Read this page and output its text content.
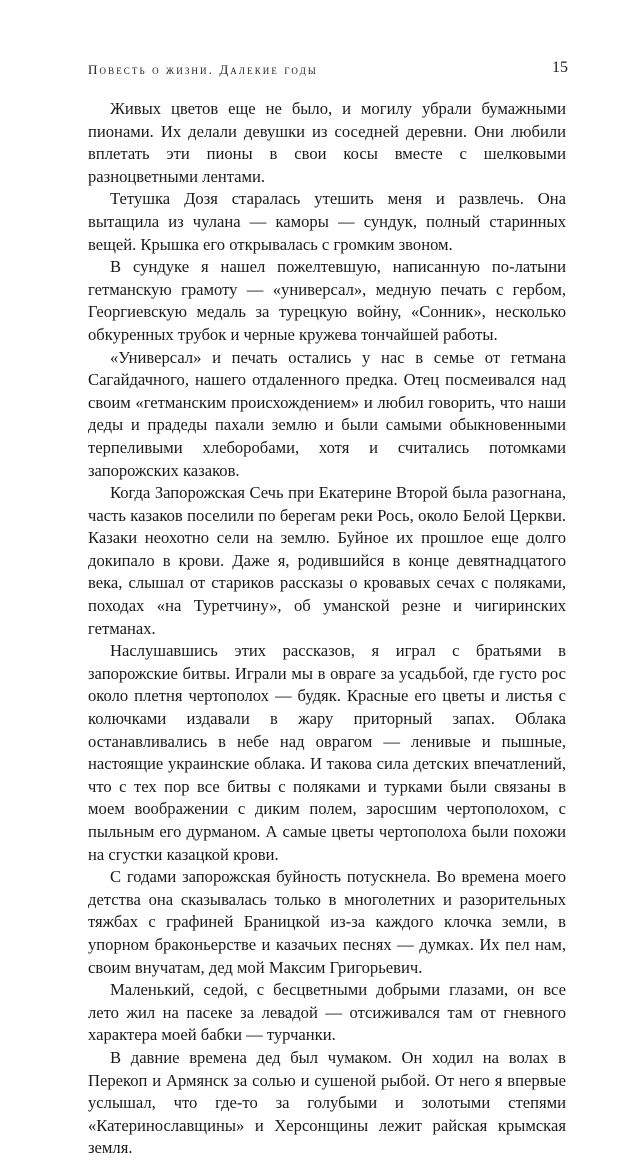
Повесть о жизни. Далекие годы	15

Живых цветов еще не было, и могилу убрали бумажными пионами. Их делали девушки из соседней деревни. Они любили вплетать эти пионы в свои косы вместе с шелковыми разноцветными лентами.

Тетушка Дозя старалась утешить меня и развлечь. Она вытащила из чулана — каморы — сундук, полный старинных вещей. Крышка его открывалась с громким звоном.

В сундуке я нашел пожелтевшую, написанную по-латыни гетманскую грамоту — «универсал», медную печать с гербом, Георгиевскую медаль за турецкую войну, «Сонник», несколько обкуренных трубок и черные кружева тончайшей работы.

«Универсал» и печать остались у нас в семье от гетмана Сагайдачного, нашего отдаленного предка. Отец посмеивался над своим «гетманским происхождением» и любил говорить, что наши деды и прадеды пахали землю и были самыми обыкновенными терпеливыми хлеборобами, хотя и считались потомками запорожских казаков.

Когда Запорожская Сечь при Екатерине Второй была разогнана, часть казаков поселили по берегам реки Рось, около Белой Церкви. Казаки неохотно сели на землю. Буйное их прошлое еще долго докипало в крови. Даже я, родившийся в конце девятнадцатого века, слышал от стариков рассказы о кровавых сечах с поляками, походах «на Туретчину», об уманской резне и чигиринских гетманах.

Наслушавшись этих рассказов, я играл с братьями в запорожские битвы. Играли мы в овраге за усадьбой, где густо рос около плетня чертополох — будяк. Красные его цветы и листья с колючками издавали в жару приторный запах. Облака останавливались в небе над оврагом — ленивые и пышные, настоящие украинские облака. И такова сила детских впечатлений, что с тех пор все битвы с поляками и турками были связаны в моем воображении с диким полем, заросшим чертополохом, с пыльным его дурманом. А самые цветы чертополоха были похожи на сгустки казацкой крови.

С годами запорожская буйность потускнела. Во времена моего детства она сказывалась только в многолетних и разорительных тяжбах с графиней Браницкой из-за каждого клочка земли, в упорном браконьерстве и казачьих песнях — думках. Их пел нам, своим внучатам, дед мой Максим Григорьевич.

Маленький, седой, с бесцветными добрыми глазами, он все лето жил на пасеке за левадой — отсиживался там от гневного характера моей бабки — турчанки.

В давние времена дед был чумаком. Он ходил на волах в Перекоп и Армянск за солью и сушеной рыбой. От него я впервые услышал, что где-то за голубыми и золотыми степями «Катеринославщины» и Херсонщины лежит райская крымская земля.
